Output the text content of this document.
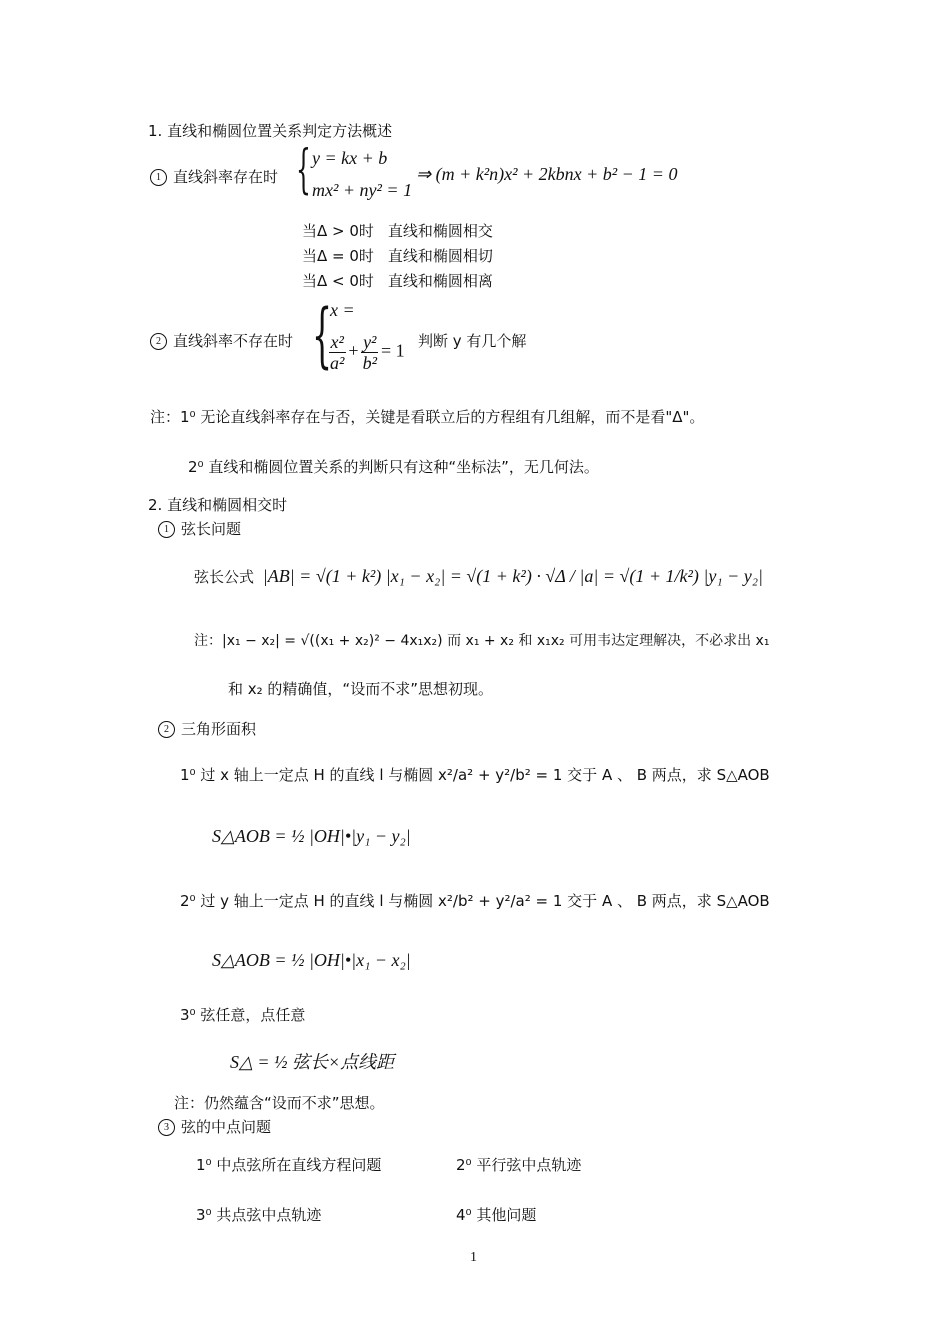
1. 直线和椭圆位置关系判定方法概述
1 直线斜率存在时 { y = kx + b
mx² + ny² = 1
⇒ (m + k²n)x² + 2kbnx + b² − 1 = 0
当Δ > 0时 直线和椭圆相交
当Δ = 0时 直线和椭圆相切
当Δ < 0时 直线和椭圆相离
2 直线斜率不存在时 {
x =
$\frac{\text{x²}}{\text{a²}} + \frac{\text{y²}}{\text{b²}} = 1$ 判断 y 有几个解
注：1⁰ 无论直线斜率存在与否，关键是看联立后的方程组有几组解，而不是看"Δ"。
2⁰ 直线和椭圆位置关系的判断只有这种“坐标法”，无几何法。
2. 直线和椭圆相交时
1 弦长问题
弦长公式 |AB| = √(1 + k²) |x₁ − x₂| = √(1 + k²) · √Δ / |a| = √(1 + 1/k²) |y₁ − y₂|
注：|x₁ − x₂| = √((x₁ + x₂)² − 4x₁x₂) 而 x₁ + x₂ 和 x₁x₂ 可用韦达定理解决，不必求出 x₁
和 x₂ 的精确值，“设而不求”思想初现。
2 三角形面积
1⁰ 过 x 轴上一定点 H 的直线 l 与椭圆 x²/a² + y²/b² = 1 交于 A 、 B 两点，求 S△AOB
S△AOB = ½ |OH|•|y₁ − y₂|
2⁰ 过 y 轴上一定点 H 的直线 l 与椭圆 x²/b² + y²/a² = 1 交于 A 、 B 两点，求 S△AOB
S△AOB = ½ |OH|•|x₁ − x₂|
3⁰ 弦任意，点任意
S△ = ½ 弦长×点线距
注：仍然蕴含“设而不求”思想。
3 弦的中点问题
1⁰ 中点弦所在直线方程问题	2⁰ 平行弦中点轨迹
3⁰ 共点弦中点轨迹	4⁰ 其他问题
1
